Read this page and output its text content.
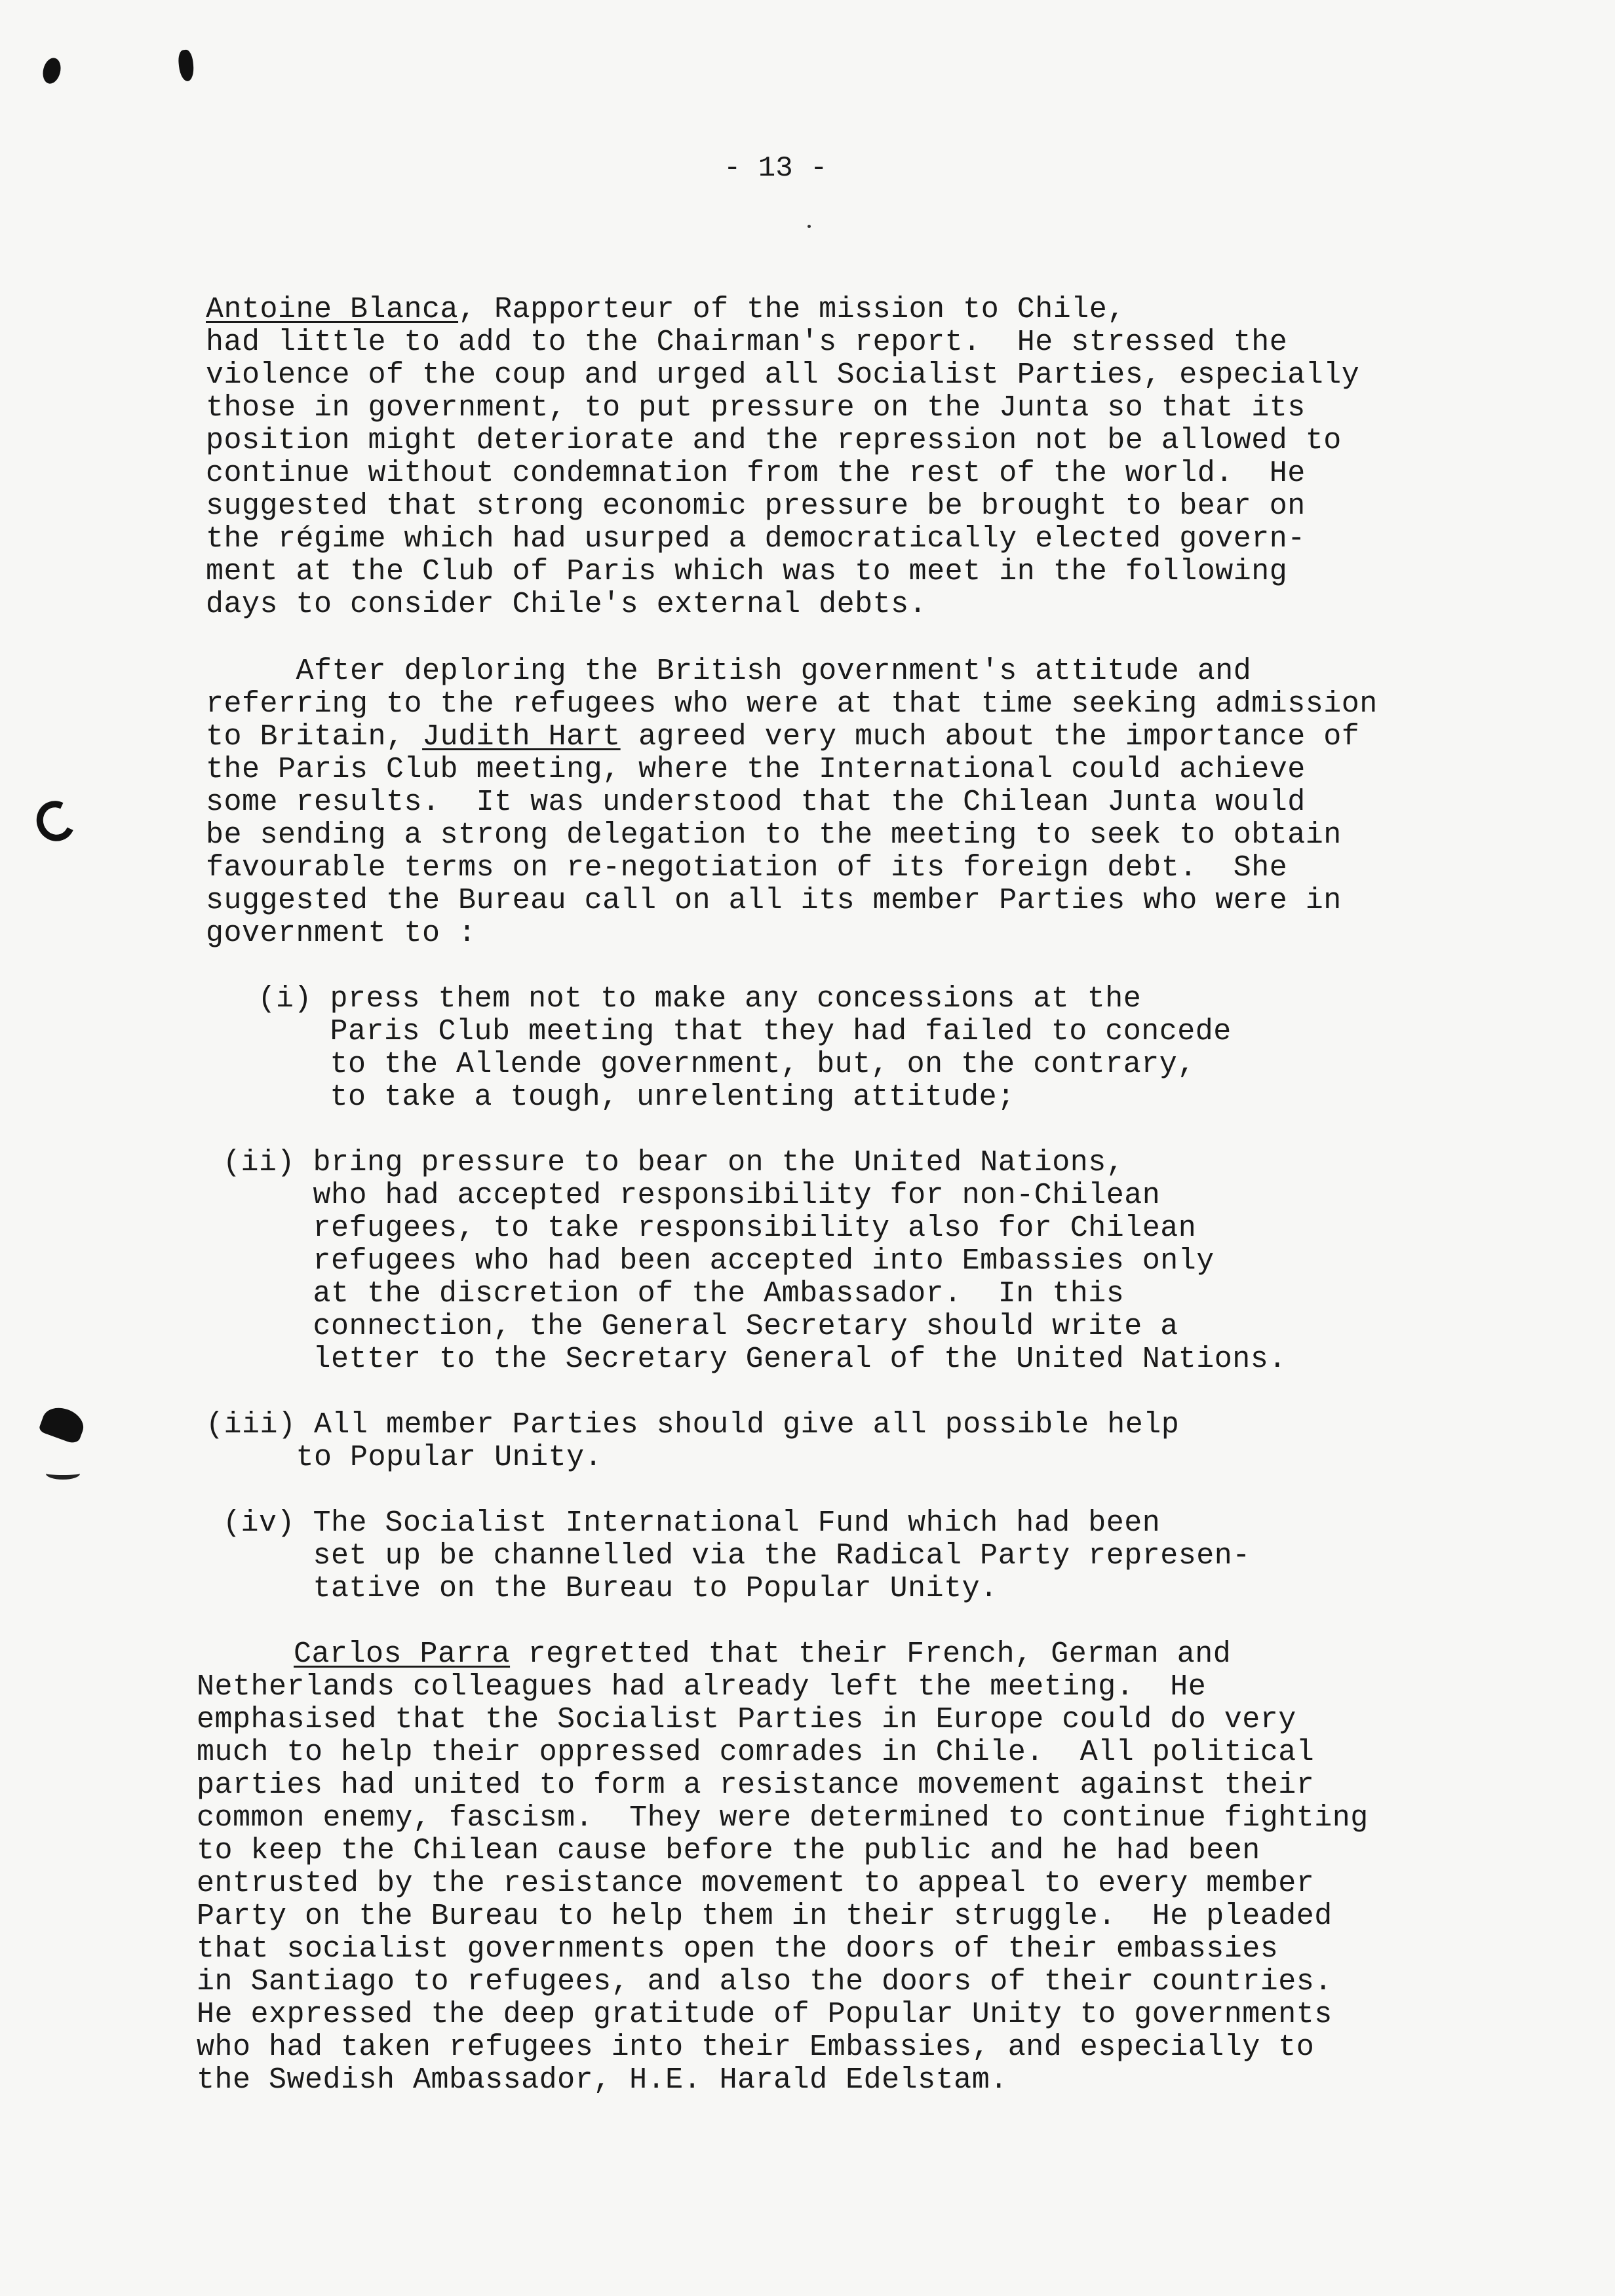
- 13 -
Antoine Blanca, Rapporteur of the mission to Chile,

had little to add to the Chairman's report.  He stressed the
violence of the coup and urged all Socialist Parties, especially
those in government, to put pressure on the Junta so that its
position might deteriorate and the repression not be allowed to
continue without condemnation from the rest of the world.  He
suggested that strong economic pressure be brought to bear on
the régime which had usurped a democratically elected govern-
ment at the Club of Paris which was to meet in the following
days to consider Chile's external debts.
After deploring the British government's attitude and
referring to the refugees who were at that time seeking admission
to Britain, Judith Hart agreed very much about the importance of
the Paris Club meeting, where the International could achieve
some results.  It was understood that the Chilean Junta would
be sending a strong delegation to the meeting to seek to obtain
favourable terms on re-negotiation of its foreign debt.  She
suggested the Bureau call on all its member Parties who were in
government to :
(i) press them not to make any concessions at the
Paris Club meeting that they had failed to concede
to the Allende government, but, on the contrary,
to take a tough, unrelenting attitude;
(ii) bring pressure to bear on the United Nations,
who had accepted responsibility for non-Chilean
refugees, to take responsibility also for Chilean
refugees who had been accepted into Embassies only
at the discretion of the Ambassador.  In this
connection, the General Secretary should write a
letter to the Secretary General of the United Nations.
(iii) All member Parties should give all possible help
to Popular Unity.
(iv) The Socialist International Fund which had been
set up be channelled via the Radical Party represen-
tative on the Bureau to Popular Unity.
Carlos Parra regretted that their French, German and
Netherlands colleagues had already left the meeting.  He
emphasised that the Socialist Parties in Europe could do very
much to help their oppressed comrades in Chile.  All political
parties had united to form a resistance movement against their
common enemy, fascism.  They were determined to continue fighting
to keep the Chilean cause before the public and he had been
entrusted by the resistance movement to appeal to every member
Party on the Bureau to help them in their struggle.  He pleaded
that socialist governments open the doors of their embassies
in Santiago to refugees, and also the doors of their countries.
He expressed the deep gratitude of Popular Unity to governments
who had taken refugees into their Embassies, and especially to
the Swedish Ambassador, H.E. Harald Edelstam.
